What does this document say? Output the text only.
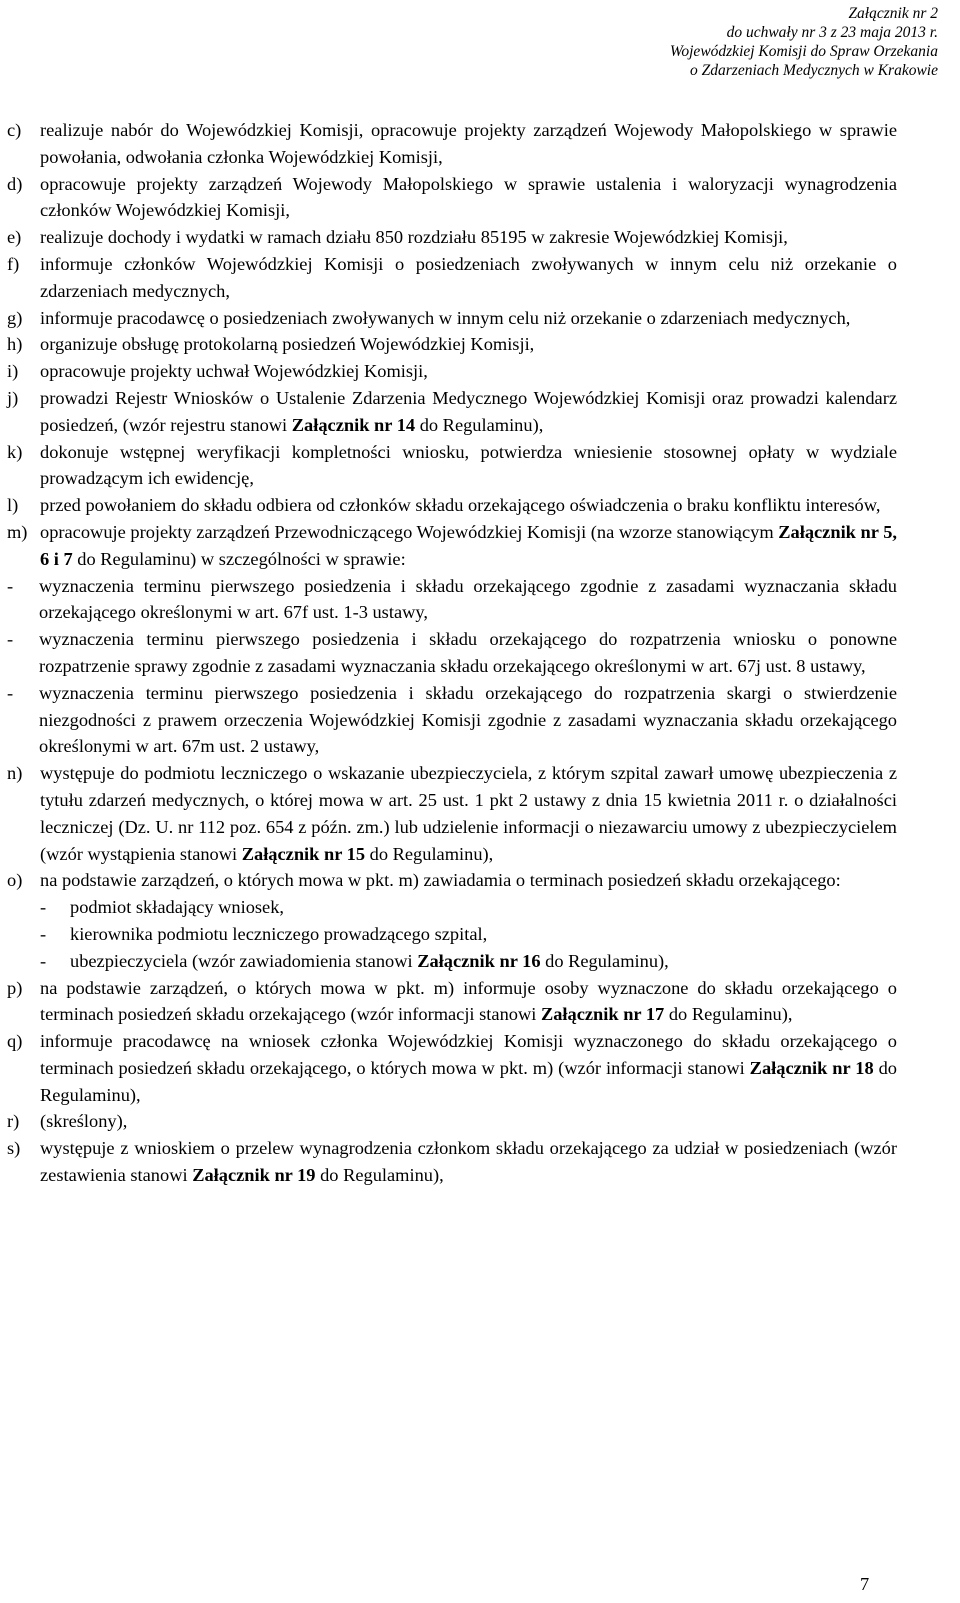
Załącznik nr 2
do uchwały nr 3 z 23 maja 2013 r.
Wojewódzkiej Komisji do Spraw Orzekania
o Zdarzeniach Medycznych w Krakowie
c)	realizuje nabór do Wojewódzkiej Komisji, opracowuje projekty zarządzeń Wojewody Małopolskiego w sprawie powołania, odwołania członka Wojewódzkiej Komisji,
d) opracowuje projekty zarządzeń Wojewody Małopolskiego w sprawie ustalenia i waloryzacji wynagrodzenia członków Wojewódzkiej Komisji,
e)	realizuje dochody i wydatki w ramach działu 850 rozdziału 85195 w zakresie Wojewódzkiej Komisji,
f)	informuje członków Wojewódzkiej Komisji o posiedzeniach zwoływanych w innym celu niż orzekanie o zdarzeniach medycznych,
g) informuje pracodawcę o posiedzeniach zwoływanych w innym celu niż orzekanie o zdarzeniach medycznych,
h) organizuje obsługę protokolarną posiedzeń Wojewódzkiej Komisji,
i)	opracowuje projekty uchwał Wojewódzkiej Komisji,
j)	prowadzi Rejestr Wniosków o Ustalenie Zdarzenia Medycznego Wojewódzkiej Komisji oraz prowadzi kalendarz posiedzeń, (wzór rejestru stanowi Załącznik nr 14 do Regulaminu),
k) dokonuje wstępnej weryfikacji kompletności wniosku, potwierdza wniesienie stosownej opłaty w wydziale prowadzącym ich ewidencję,
l)	przed powołaniem do składu odbiera od członków składu orzekającego oświadczenia o braku konfliktu interesów,
m) opracowuje projekty zarządzeń Przewodniczącego Wojewódzkiej Komisji (na wzorze stanowiącym Załącznik nr 5, 6 i 7 do Regulaminu) w szczególności w sprawie:
-	wyznaczenia terminu pierwszego posiedzenia i składu orzekającego zgodnie z zasadami wyznaczania składu orzekającego określonymi w art. 67f ust. 1-3 ustawy,
-	wyznaczenia terminu pierwszego posiedzenia i składu orzekającego do rozpatrzenia wniosku o ponowne rozpatrzenie sprawy zgodnie z zasadami wyznaczania składu orzekającego określonymi w art. 67j ust. 8 ustawy,
-	wyznaczenia terminu pierwszego posiedzenia i składu orzekającego do rozpatrzenia skargi o stwierdzenie niezgodności z prawem orzeczenia Wojewódzkiej Komisji zgodnie z zasadami wyznaczania składu orzekającego określonymi w art. 67m ust. 2 ustawy,
n) występuje do podmiotu leczniczego o wskazanie ubezpieczyciela, z którym szpital zawarł umowę ubezpieczenia z tytułu zdarzeń medycznych, o której mowa w art. 25 ust. 1 pkt 2 ustawy z dnia 15 kwietnia 2011 r. o działalności leczniczej (Dz. U. nr 112 poz. 654 z późn. zm.) lub udzielenie informacji o niezawarciu umowy z ubezpieczycielem (wzór wystąpienia stanowi Załącznik nr 15 do Regulaminu),
o) na podstawie zarządzeń, o których mowa w pkt. m) zawiadamia o terminach posiedzeń składu orzekającego:
-	podmiot składający wniosek,
-	kierownika podmiotu leczniczego prowadzącego szpital,
-	ubezpieczyciela (wzór zawiadomienia stanowi Załącznik nr 16 do Regulaminu),
p) na podstawie zarządzeń, o których mowa w pkt. m) informuje osoby wyznaczone do składu orzekającego o terminach posiedzeń składu orzekającego (wzór informacji stanowi Załącznik nr 17 do Regulaminu),
q) informuje pracodawcę na wniosek członka Wojewódzkiej Komisji wyznaczonego do składu orzekającego o terminach posiedzeń składu orzekającego, o których mowa w pkt. m) (wzór informacji stanowi Załącznik nr 18 do Regulaminu),
r)	(skreślony),
s)	występuje z wnioskiem o przelew wynagrodzenia członkom składu orzekającego za udział w posiedzeniach (wzór zestawienia stanowi Załącznik nr 19 do Regulaminu),
7
